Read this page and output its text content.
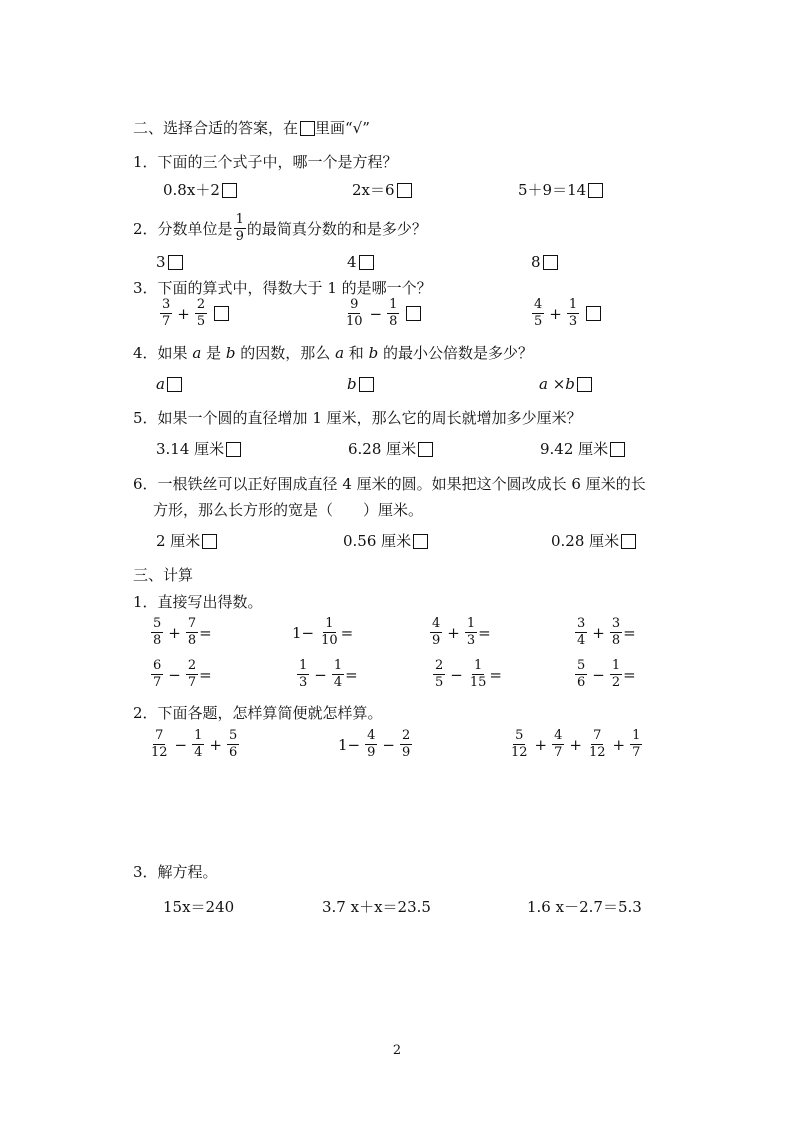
二、选择合适的答案，在 里画“√”
1．下面的三个式子中，哪一个是方程？
0.8x＋2	2x＝6	5＋9＝14
2． 分数单位是 $\frac{1}{9}$ 的最简真分数的和是多少？
3	4	8
3．下面的算式中，得数大于 1 的是哪一个？
$\frac{3}{7} + \frac{2}{5}$	$\frac{9}{10} - \frac{1}{8}$	$\frac{4}{5} + \frac{1}{3}$
4．如果 a 是 b 的因数，那么 a 和 b 的最小公倍数是多少？
a	b	a ×b
5．如果一个圆的直径增加 1 厘米，那么它的周长就增加多少厘米？
3.14 厘米	6.28 厘米	9.42 厘米
6．一根铁丝可以正好围成直径 4 厘米的圆。如果把这个圆改成长 6 厘米的长
方形，那么长方形的宽是（　　）厘米。
2 厘米	0.56 厘米	0.28 厘米
三、计算
1．直接写出得数。
$\frac{5}{8} + \frac{7}{8}$ =	$1- \frac{1}{10}$ =	$\frac{4}{9} + \frac{1}{3}$ =	$\frac{3}{4} + \frac{3}{8}$ =
$\frac{6}{7} - \frac{2}{7}$ =	$\frac{1}{3} - \frac{1}{4}$ =	$\frac{2}{5} - \frac{1}{15}$ =	$\frac{5}{6} - \frac{1}{2}$ =
2．下面各题，怎样算简便就怎样算。
$\frac{7}{12} - \frac{1}{4} + \frac{5}{6}$	$1- \frac{4}{9} - \frac{2}{9}$	$\frac{5}{12} + \frac{4}{7} + \frac{7}{12} + \frac{1}{7}$
3．解方程。
15x＝240	3.7 x＋x＝23.5	1.6 x－2.7＝5.3
2
